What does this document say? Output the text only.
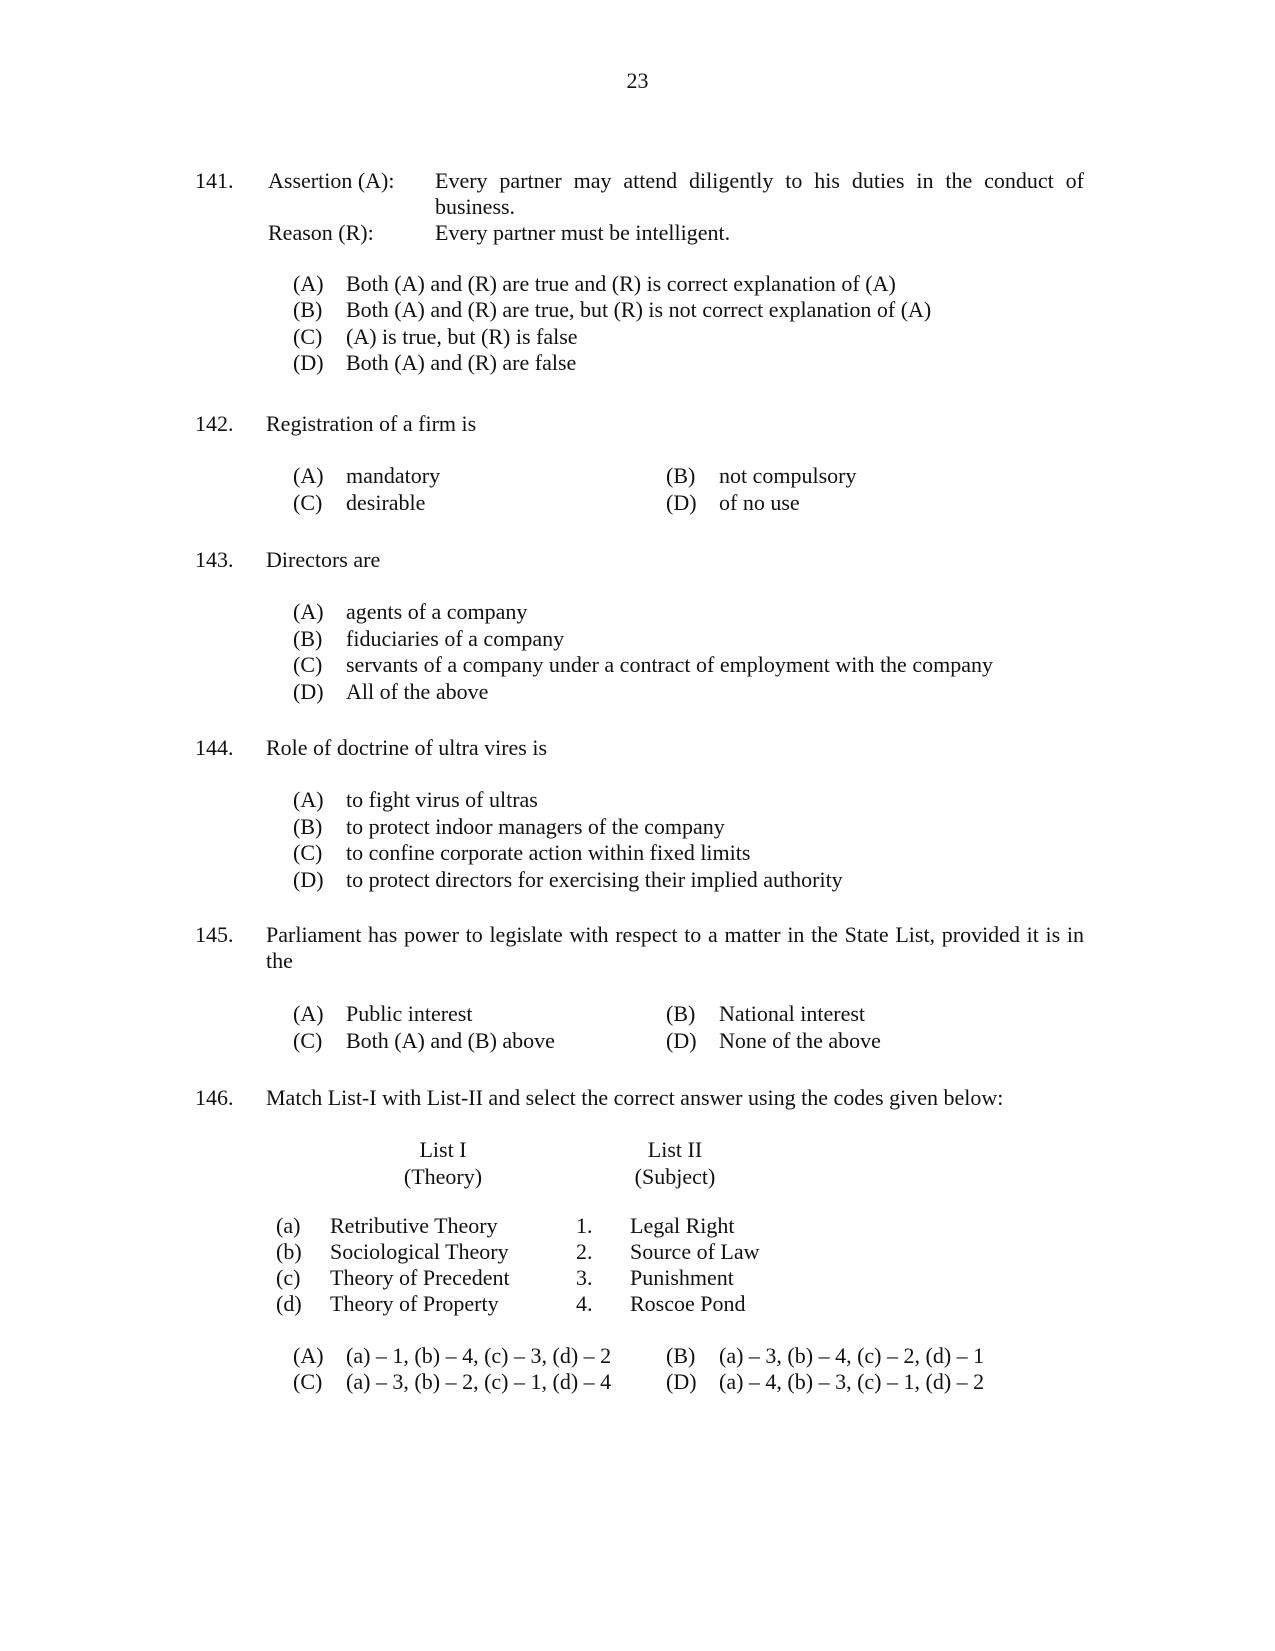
23
141. Assertion (A): Every partner may attend diligently to his duties in the conduct of business.
Reason (R):	Every partner must be intelligent.
(A) Both (A) and (R) are true and (R) is correct explanation of (A)
(B) Both (A) and (R) are true, but (R) is not correct explanation of (A)
(C) (A) is true, but (R) is false
(D) Both (A) and (R) are false
142. Registration of a firm is
(A) mandatory	(B) not compulsory
(C) desirable	(D) of no use
143. Directors are
(A) agents of a company
(B) fiduciaries of a company
(C) servants of a company under a contract of employment with the company
(D) All of the above
144. Role of doctrine of ultra vires is
(A) to fight virus of ultras
(B) to protect indoor managers of the company
(C) to confine corporate action within fixed limits
(D) to protect directors for exercising their implied authority
145. Parliament has power to legislate with respect to a matter in the State List, provided it is in the
(A) Public interest	(B) National interest
(C) Both (A) and (B) above	(D) None of the above
146. Match List-I with List-II and select the correct answer using the codes given below:
List I
(Theory)
List II
(Subject)
(a) Retributive Theory	1. Legal Right
(b) Sociological Theory	2. Source of Law
(c) Theory of Precedent	3. Punishment
(d) Theory of Property	4. Roscoe Pond
(A) (a) – 1, (b) – 4, (c) – 3, (d) – 2 (B) (a) – 3, (b) – 4, (c) – 2, (d) – 1
(C) (a) – 3, (b) – 2, (c) – 1, (d) – 4 (D) (a) – 4, (b) – 3, (c) – 1, (d) – 2
